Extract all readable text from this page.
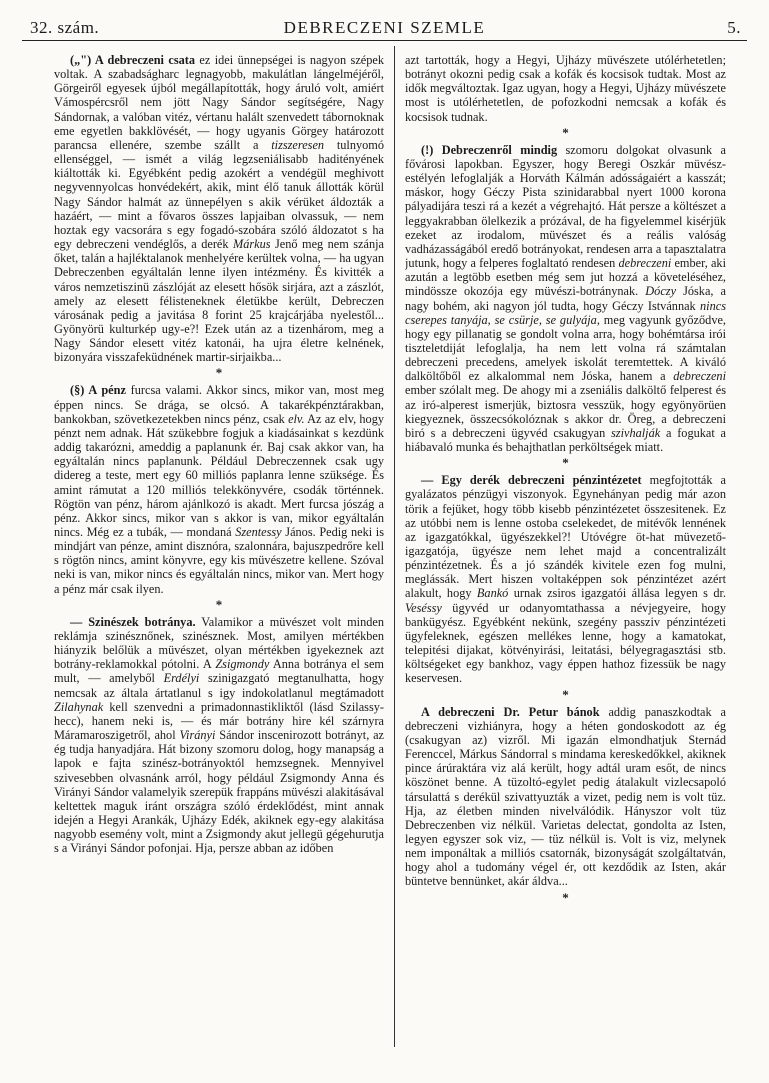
32. szám.	DEBRECZENI SZEMLE	5.

(„") A debreczeni csata ez idei ünnepségei is nagyon szépek voltak. A szabadságharc legnagyobb, makulátlan lángelméjéről, Görgeiről egyesek újból megállapították, hogy áruló volt, amiért Vámospércsről nem jött Nagy Sándor segítségére, Nagy Sándornak, a valóban vitéz, vértanu halált szenvedett tábornoknak eme egyetlen bakklövését, — hogy ugyanis Görgey határozott parancsa ellenére, szembe szállt a tizszeresen tulnyomó ellenséggel, — ismét a világ legzseniálisabb haditényének kiáltották ki. Egyébként pedig azokért a vendégül meghivott negyvennyolcas honvédekért, akik, mint élő tanuk állották körül Nagy Sándor halmát az ünnepélyen s akik vérüket áldozták a hazáért, — mint a fővaros összes lapjaiban olvassuk, — nem hoztak egy vacsorára s egy fogadó-szobára szóló áldozatot s ha egy debreczeni vendéglős, a derék Márkus Jenő meg nem szánja őket, talán a hajléktalanok menhelyére kerültek volna, — ha ugyan Debreczenben egyáltalán lenne ilyen intézmény. És kivitték a város nemzetiszinü zászlóját az elesett hősök sirjára, azt a zászlót, amely az elesett félisteneknek életükbe került, Debreczen városának pedig a javitása 8 forint 25 krajcárjába nyelestől... Gyönyörü kulturkép ugy-e?! Ezek után az a tizenhárom, meg a Nagy Sándor elesett vitéz katonái, ha ujra életre kelnének, bizonyára visszafeküdnének martir-sirjaikba...

*

(§) A pénz furcsa valami. Akkor sincs, mikor van, most meg éppen nincs. Se drága, se olcsó. A takarékpénztárakban, bankokban, szövetkezetekben nincs pénz, csak elv. Az az elv, hogy pénzt nem adnak. Hát szükebbre fogjuk a kiadásainkat s kezdünk addig takarózni, ameddig a paplanunk ér. Baj csak akkor van, ha egyáltalán nincs paplanunk. Például Debreczennek csak ugy didereg a teste, mert egy 60 milliós paplanra lenne szüksége. És amint rámutat a 120 milliós telekkönyvére, csodák történnek. Rögtön van pénz, három ajánlkozó is akadt. Mert furcsa jószág a pénz. Akkor sincs, mikor van s akkor is van, mikor egyáltalán nincs. Még ez a tubák, — mondaná Szentessy János. Pedig neki is mindjárt van pénze, amint disznóra, szalonnára, bajuszpedrőre kell s rögtön nincs, amint könyvre, egy kis müvészetre kellene. Szóval neki is van, mikor nincs és egyáltalán nincs, mikor van. Mert hogy a pénz már csak ilyen.

*

— Szinészek botránya. Valamikor a müvészet volt minden reklámja szinésznőnek, szinésznek. Most, amilyen mértékben hiányzik belőlük a müvészet, olyan mértékben igyekeznek azt botrány-reklamokkal pótolni. A Zsigmondy Anna botránya el sem mult, — amelyből Erdélyi szinigazgató megtanulhatta, hogy nemcsak az általa ártatlanul s igy indokolatlanul megtámadott Zilahynak kell szenvedni a primadonnastikliktől (lásd Szilassy-hecc), hanem neki is, — és már botrány hire kél szárnyra Máramaroszigetről, ahol Virányi Sándor inscenirozott botrányt, az ég tudja hanyadjára. Hát bizony szomoru dolog, hogy manapság a lapok e fajta szinész-botrányoktól hemzsegnek. Mennyivel szivesebben olvasnánk arról, hogy például Zsigmondy Anna és Virányi Sándor valamelyik szerepük frappáns müvészi alakitásával keltettek maguk iránt országra szóló érdeklődést, mint annak idején a Hegyi Arankák, Ujházy Edék, akiknek egy-egy alakitása nagyobb esemény volt, mint a Zsigmondy akut jellegü gégehurutja s a Virányi Sándor pofonjai. Hja, persze abban az időben

azt tartották, hogy a Hegyi, Ujházy müvészete utólérhetetlen; botrányt okozni pedig csak a kofák és kocsisok tudtak. Most az idők megváltoztak. Igaz ugyan, hogy a Hegyi, Ujházy müvészete most is utólérhetetlen, de pofozkodni nemcsak a kofák és kocsisok tudnak.

*

(!) Debreczenről mindig szomoru dolgokat olvasunk a fővárosi lapokban. Egyszer, hogy Beregi Oszkár müvész-estélyén lefoglalják a Horváth Kálmán adósságaiért a kasszát; máskor, hogy Géczy Pista szinidarabbal nyert 1000 korona pályadijára teszi rá a kezét a végrehajtó. Hát persze a költészet a leggyakrabban ölelkezik a prózával, de ha figyelemmel kisérjük ezeket az irodalom, müvészet és a reális valóság vadházasságából eredő botrányokat, rendesen arra a tapasztalatra jutunk, hogy a felperes foglaltató rendesen debreczeni ember, aki azután a legtöbb esetben még sem jut hozzá a követeléséhez, mindössze okozója egy müvészi-botránynak. Dóczy Jóska, a nagy bohém, aki nagyon jól tudta, hogy Géczy Istvánnak nincs cserepes tanyája, se csürje, se gulyája, meg vagyunk győződve, hogy egy pillanatig se gondolt volna arra, hogy bohémtársa irói tiszteletdiját lefoglalja, ha nem lett volna rá számtalan debreczeni precedens, amelyek iskolát teremtettek. A kiváló dalköltőből ez alkalommal nem Jóska, hanem a debreczeni ember szólalt meg. De ahogy mi a zseniális dalköltő felperest és az iró-alperest ismerjük, biztosra vesszük, hogy egyönyörüen kiegyeznek, összecsókolóznak s akkor dr. Öreg, a debreczeni biró s a debreczeni ügyvéd csakugyan szivhalják a fogukat a hiábavaló munka és behajthatlan perköltségek miatt.

*

— Egy derék debreczeni pénzintézetet megfojtották a gyalázatos pénzügyi viszonyok. Egynehányan pedig már azon törik a fejüket, hogy több kisebb pénzintézetet összesitenek. Ez az utóbbi nem is lenne ostoba cselekedet, de mitévők lennének az igazgatókkal, ügyészekkel?! Utóvégre öt-hat müvezető-igazgatója, ügyésze nem lehet majd a concentralizált pénzintézetnek. És a jó szándék kivitele ezen fog mulni, meglássák. Mert hiszen voltaképpen sok pénzintézet azért alakult, hogy Bankó urnak zsiros igazgatói állása legyen s dr. Veséssy ügyvéd ur odanyomtathassa a névjegyeire, hogy bankügyész. Egyébként nekünk, szegény passziv pénzintézeti ügyfeleknek, egészen mellékes lenne, hogy a kamatokat, telepitési dijakat, kötvényirási, leitatási, bélyegragasztási stb. költségeket egy bankhoz, vagy éppen hathoz fizessük be nagy keservesen.

*

A debreczeni Dr. Petur bánok addig panaszkodtak a debreczeni vizhiányra, hogy a héten gondoskodott az ég (csakugyan az) vizről. Mi igazán elmondhatjuk Sternád Ferenccel, Márkus Sándorral s mindama kereskedőkkel, akiknek pince árúraktára viz alá került, hogy adtál uram esőt, de nincs köszönet benne. A tüzoltó-egylet pedig átalakult vizlecsapoló társulattá s derékül szivattyuzták a vizet, pedig nem is volt tüz. Hja, az életben minden nivelválódik. Hányszor volt tüz Debreczenben viz nélkül. Varietas delectat, gondolta az Isten, legyen egyszer sok viz, — tüz nélkül is. Volt is viz, melynek nem imponáltak a milliós csatornák, bizonyságát szolgáltatván, hogy ahol a tudomány végel ér, ott kezdődik az Isten, akár büntetve bennünket, akár áldva...

*
